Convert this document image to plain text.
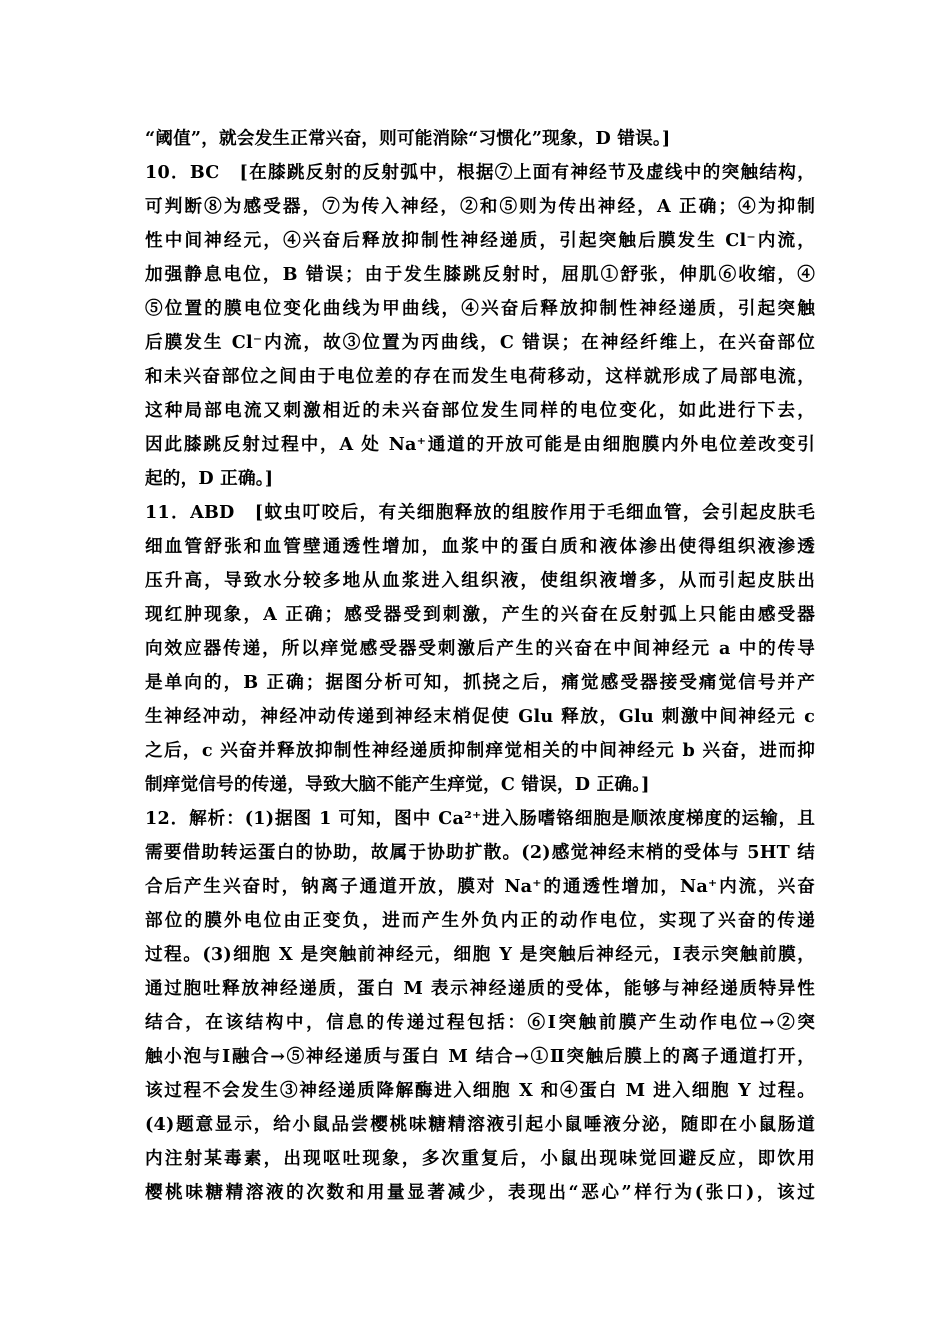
“阈值”，就会发生正常兴奋，则可能消除“习惯化”现象，D 错误。]
10．BC　[在膝跳反射的反射弧中，根据⑦上面有神经节及虚线中的突触结构，
可判断⑧为感受器，⑦为传入神经，②和⑤则为传出神经，A 正确；④为抑制
性中间神经元，④兴奋后释放抑制性神经递质，引起突触后膜发生 Cl⁻内流，
加强静息电位，B 错误；由于发生膝跳反射时，屈肌①舒张，伸肌⑥收缩，④
⑤位置的膜电位变化曲线为甲曲线，④兴奋后释放抑制性神经递质，引起突触
后膜发生 Cl⁻内流，故③位置为丙曲线，C 错误；在神经纤维上，在兴奋部位
和未兴奋部位之间由于电位差的存在而发生电荷移动，这样就形成了局部电流，
这种局部电流又刺激相近的未兴奋部位发生同样的电位变化，如此进行下去，
因此膝跳反射过程中，A 处 Na⁺通道的开放可能是由细胞膜内外电位差改变引
起的，D 正确。]
11．ABD　[蚊虫叮咬后，有关细胞释放的组胺作用于毛细血管，会引起皮肤毛
细血管舒张和血管壁通透性增加，血浆中的蛋白质和液体渗出使得组织液渗透
压升高，导致水分较多地从血浆进入组织液，使组织液增多，从而引起皮肤出
现红肿现象，A 正确；感受器受到刺激，产生的兴奋在反射弧上只能由感受器
向效应器传递，所以痒觉感受器受刺激后产生的兴奋在中间神经元 a 中的传导
是单向的，B 正确；据图分析可知，抓挠之后，痛觉感受器接受痛觉信号并产
生神经冲动，神经冲动传递到神经末梢促使 Glu 释放，Glu 刺激中间神经元 c
之后，c 兴奋并释放抑制性神经递质抑制痒觉相关的中间神经元 b 兴奋，进而抑
制痒觉信号的传递，导致大脑不能产生痒觉，C 错误，D 正确。]
12．解析：(1)据图 1 可知，图中 Ca²⁺进入肠嗜铬细胞是顺浓度梯度的运输，且
需要借助转运蛋白的协助，故属于协助扩散。(2)感觉神经末梢的受体与 5HT 结
合后产生兴奋时，钠离子通道开放，膜对 Na⁺的通透性增加，Na⁺内流，兴奋
部位的膜外电位由正变负，进而产生外负内正的动作电位，实现了兴奋的传递
过程。(3)细胞 X 是突触前神经元，细胞 Y 是突触后神经元，Ⅰ表示突触前膜，
通过胞吐释放神经递质，蛋白 M 表示神经递质的受体，能够与神经递质特异性
结合，在该结构中，信息的传递过程包括：⑥Ⅰ突触前膜产生动作电位→②突
触小泡与Ⅰ融合→⑤神经递质与蛋白 M 结合→①Ⅱ突触后膜上的离子通道打开，
该过程不会发生③神经递质降解酶进入细胞 X 和④蛋白 M 进入细胞 Y 过程。
(4)题意显示，给小鼠品尝樱桃味糖精溶液引起小鼠唾液分泌，随即在小鼠肠道
内注射某毒素，出现呕吐现象，多次重复后，小鼠出现味觉回避反应，即饮用
樱桃味糖精溶液的次数和用量显著减少，表现出“恶心”样行为(张口)，该过
